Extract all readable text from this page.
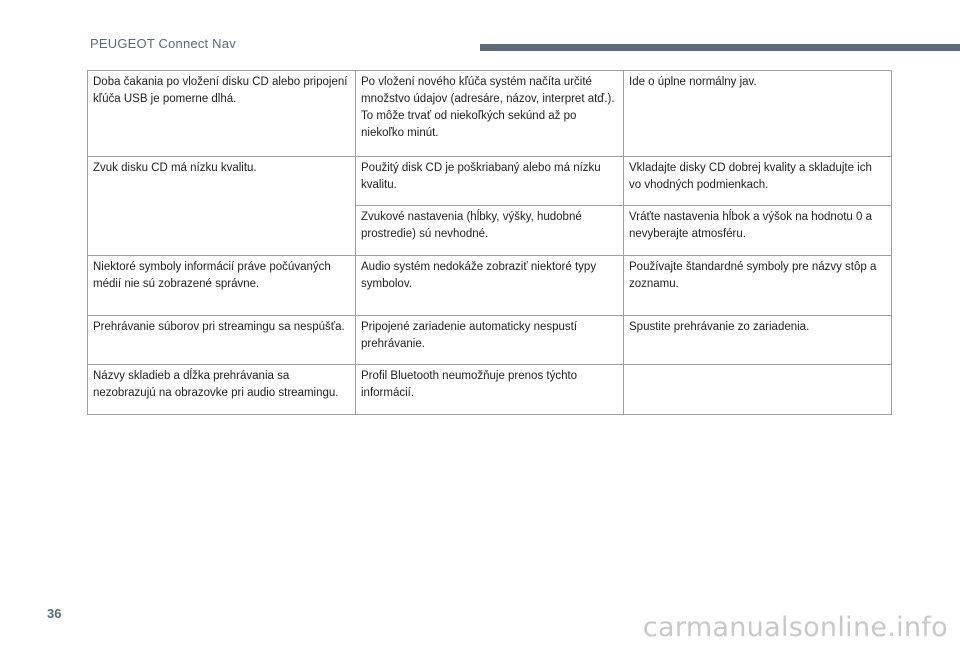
PEUGEOT Connect Nav
Doba čakania po vložení disku CD alebo pripojení kľúča USB je pomerne dlhá.	Po vložení nového kľúča systém načíta určité množstvo údajov (adresáre, názov, interpret atď.). To môže trvať od niekoľkých sekúnd až po niekoľko minút.	Ide o úplne normálny jav.
Zvuk disku CD má nízku kvalitu.	Použitý disk CD je poškriabaný alebo má nízku kvalitu.	Vkladajte disky CD dobrej kvality a skladujte ich vo vhodných podmienkach.
	Zvukové nastavenia (hĺbky, výšky, hudobné prostredie) sú nevhodné.	Vráťte nastavenia hĺbok a výšok na hodnotu 0 a nevyberajte atmosféru.
Niektoré symboly informácií práve počúvaných médií nie sú zobrazené správne.	Audio systém nedokáže zobraziť niektoré typy symbolov.	Používajte štandardné symboly pre názvy stôp a zoznamu.
Prehrávanie súborov pri streamingu sa nespúšťa.	Pripojené zariadenie automaticky nespustí prehrávanie.	Spustite prehrávanie zo zariadenia.
Názvy skladieb a dĺžka prehrávania sa nezobrazujú na obrazovke pri audio streamingu.	Profil Bluetooth neumožňuje prenos týchto informácií.	
36	carmanualsonline.info
